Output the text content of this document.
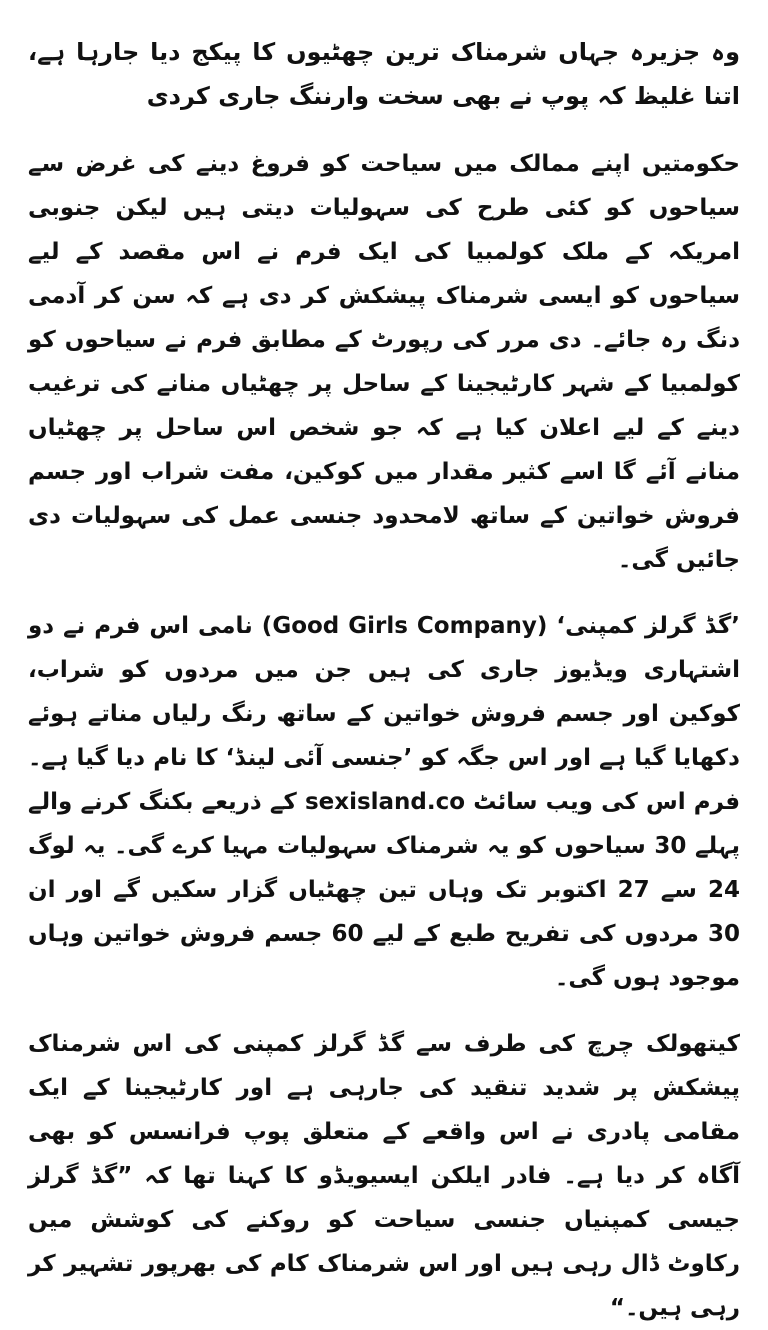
وہ جزیرہ جہاں شرمناک ترین چھٹیوں کا پیکج دیا جارہا ہے، اتنا غلیظ کہ پوپ نے بھی سخت وارننگ جاری کردی

حکومتیں اپنے ممالک میں سیاحت کو فروغ دینے کی غرض سے سیاحوں کو کئی طرح کی سہولیات دیتی ہیں لیکن جنوبی امریکہ کے ملک کولمبیا کی ایک فرم نے اس مقصد کے لیے سیاحوں کو ایسی شرمناک پیشکش کر دی ہے کہ سن کر آدمی دنگ رہ جائے۔ دی مرر کی رپورٹ کے مطابق فرم نے سیاحوں کو کولمبیا کے شہر کارٹیجینا کے ساحل پر چھٹیاں منانے کی ترغیب دینے کے لیے اعلان کیا ہے کہ جو شخص اس ساحل پر چھٹیاں منانے آئے گا اسے کثیر مقدار میں کوکین، مفت شراب اور جسم فروش خواتین کے ساتھ لامحدود جنسی عمل کی سہولیات دی جائیں گی۔

’گڈ گرلز کمپنی‘ (Good Girls Company) نامی اس فرم نے دو اشتہاری ویڈیوز جاری کی ہیں جن میں مردوں کو شراب، کوکین اور جسم فروش خواتین کے ساتھ رنگ رلیاں مناتے ہوئے دکھایا گیا ہے اور اس جگہ کو ’جنسی آئی لینڈ‘ کا نام دیا گیا ہے۔ فرم اس کی ویب سائٹ sexisland.co کے ذریعے بکنگ کرنے والے پہلے 30 سیاحوں کو یہ شرمناک سہولیات مہیا کرے گی۔ یہ لوگ 24 سے 27 اکتوبر تک وہاں تین چھٹیاں گزار سکیں گے اور ان 30 مردوں کی تفریح طبع کے لیے 60 جسم فروش خواتین وہاں موجود ہوں گی۔

کیتھولک چرچ کی طرف سے گڈ گرلز کمپنی کی اس شرمناک پیشکش پر شدید تنقید کی جارہی ہے اور کارٹیجینا کے ایک مقامی پادری نے اس واقعے کے متعلق پوپ فرانسس کو بھی آگاہ کر دیا ہے۔ فادر ایلکن ایسیویڈو کا کہنا تھا کہ ”گڈ گرلز جیسی کمپنیاں جنسی سیاحت کو روکنے کی کوشش میں رکاوٹ ڈال رہی ہیں اور اس شرمناک کام کی بھرپور تشہیر کر رہی ہیں۔“
